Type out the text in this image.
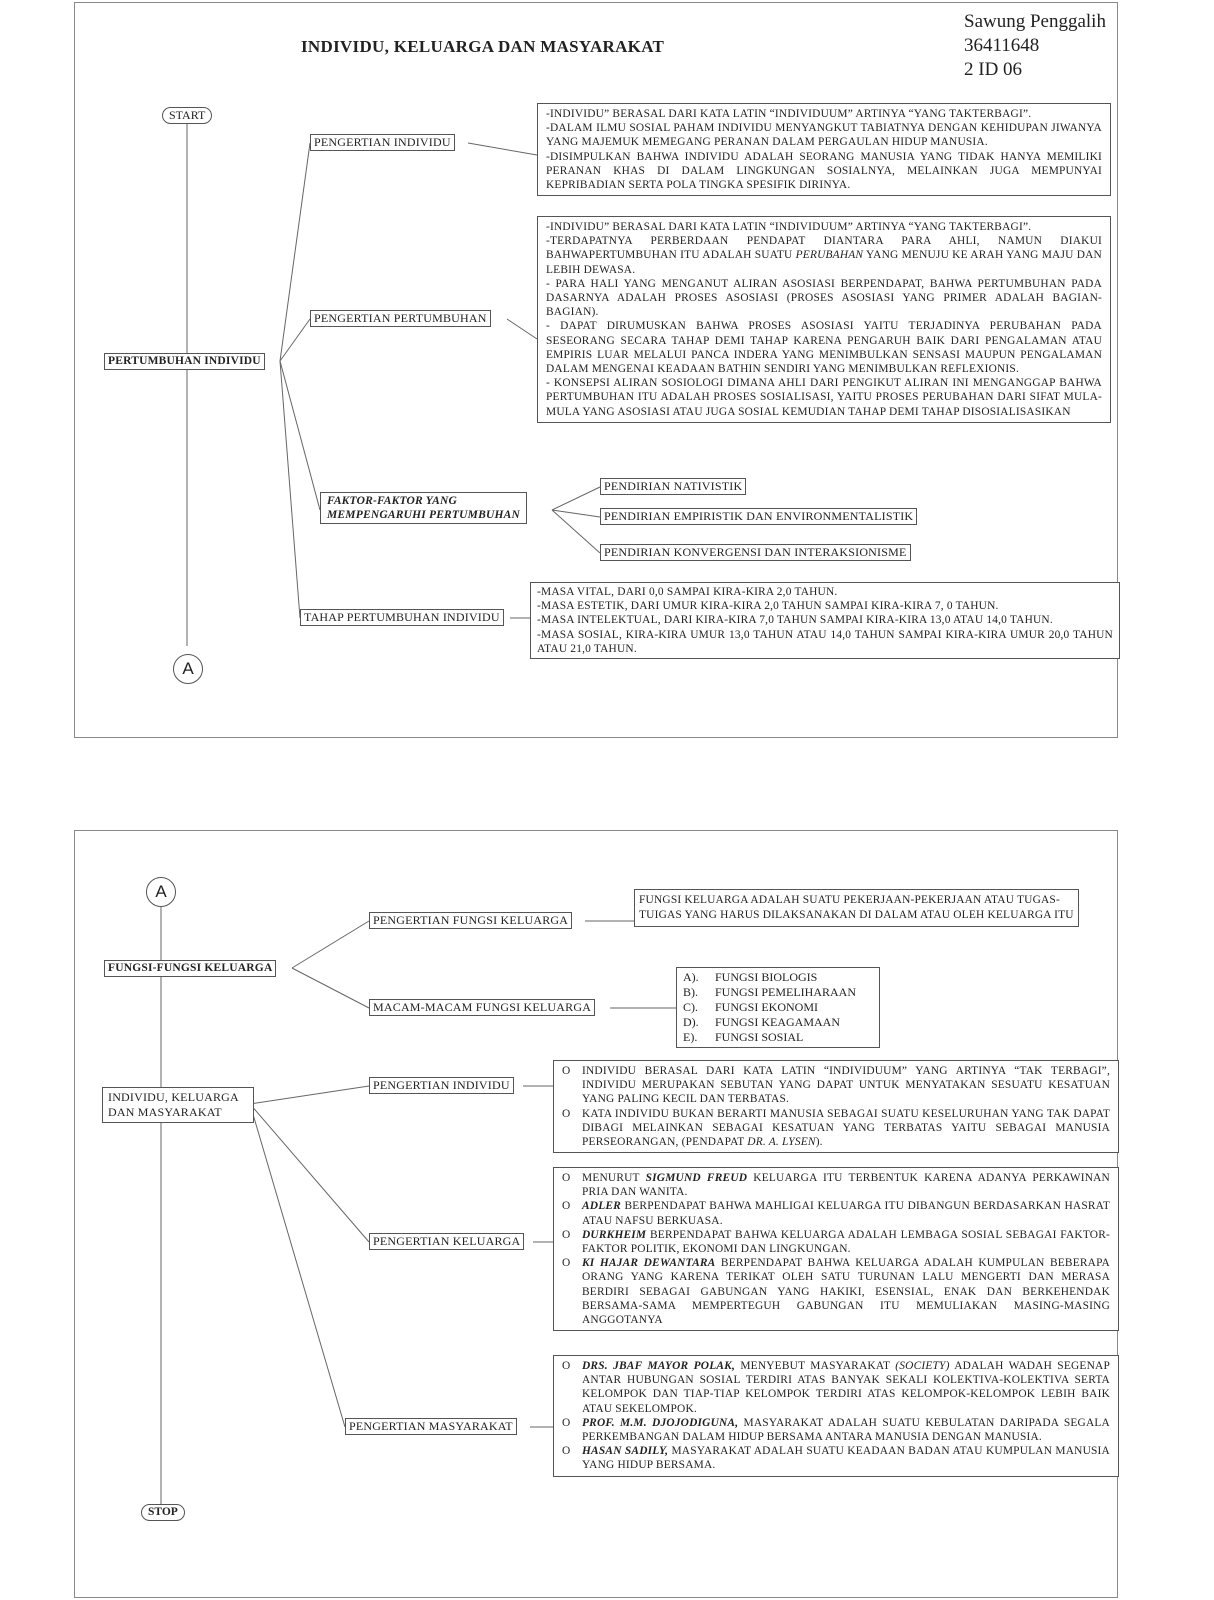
INDIVIDU, KELUARGA DAN MASYARAKAT
Sawung Penggalih
36411648
2 ID 06
START
A
PERTUMBUHAN INDIVIDU
PENGERTIAN INDIVIDU
-INDIVIDU” BERASAL DARI KATA LATIN “INDIVIDUUM” ARTINYA “YANG TAKTERBAGI”.
-DALAM ILMU SOSIAL PAHAM INDIVIDU MENYANGKUT TABIATNYA DENGAN KEHIDUPAN JIWANYA YANG MAJEMUK MEMEGANG PERANAN DALAM PERGAULAN HIDUP MANUSIA.
-DISIMPULKAN BAHWA INDIVIDU ADALAH SEORANG MANUSIA YANG TIDAK HANYA MEMILIKI PERANAN KHAS DI DALAM LINGKUNGAN SOSIALNYA, MELAINKAN JUGA MEMPUNYAI KEPRIBADIAN SERTA POLA TINGKA SPESIFIK DIRINYA.
PENGERTIAN PERTUMBUHAN
-INDIVIDU” BERASAL DARI KATA LATIN “INDIVIDUUM” ARTINYA “YANG TAKTERBAGI”.
-TERDAPATNYA PERBERDAAN PENDAPAT DIANTARA PARA AHLI, NAMUN DIAKUI BAHWAPERTUMBUHAN ITU ADALAH SUATU PERUBAHAN YANG MENUJU KE ARAH YANG MAJU DAN LEBIH DEWASA.
- PARA HALI YANG MENGANUT ALIRAN ASOSIASI BERPENDAPAT, BAHWA PERTUMBUHAN PADA DASARNYA ADALAH PROSES ASOSIASI (PROSES ASOSIASI YANG PRIMER ADALAH BAGIAN-BAGIAN).
- DAPAT DIRUMUSKAN BAHWA PROSES ASOSIASI YAITU TERJADINYA PERUBAHAN PADA SESEORANG SECARA TAHAP DEMI TAHAP KARENA PENGARUH BAIK DARI PENGALAMAN ATAU EMPIRIS LUAR MELALUI PANCA INDERA YANG MENIMBULKAN SENSASI MAUPUN PENGALAMAN DALAM MENGENAI KEADAAN BATHIN SENDIRI YANG MENIMBULKAN REFLEXIONIS.
- KONSEPSI ALIRAN SOSIOLOGI DIMANA AHLI DARI PENGIKUT ALIRAN INI MENGANGGAP BAHWA PERTUMBUHAN ITU ADALAH PROSES SOSIALISASI, YAITU PROSES PERUBAHAN DARI SIFAT MULA-MULA YANG ASOSIASI ATAU JUGA SOSIAL KEMUDIAN TAHAP DEMI TAHAP DISOSIALISASIKAN
FAKTOR-FAKTOR YANG
MEMPENGARUHI PERTUMBUHAN
PENDIRIAN NATIVISTIK
PENDIRIAN EMPIRISTIK DAN ENVIRONMENTALISTIK
PENDIRIAN KONVERGENSI DAN INTERAKSIONISME
TAHAP PERTUMBUHAN INDIVIDU
-MASA VITAL, DARI 0,0 SAMPAI KIRA-KIRA 2,0 TAHUN.
-MASA ESTETIK, DARI UMUR KIRA-KIRA 2,0 TAHUN SAMPAI KIRA-KIRA 7, 0 TAHUN.
-MASA INTELEKTUAL, DARI KIRA-KIRA 7,0 TAHUN SAMPAI KIRA-KIRA 13,0 ATAU 14,0 TAHUN.
-MASA SOSIAL, KIRA-KIRA UMUR 13,0 TAHUN ATAU 14,0 TAHUN SAMPAI KIRA-KIRA UMUR 20,0 TAHUN ATAU 21,0 TAHUN.
A
STOP
FUNGSI-FUNGSI KELUARGA
PENGERTIAN FUNGSI KELUARGA
FUNGSI KELUARGA ADALAH SUATU PEKERJAAN-PEKERJAAN ATAU TUGAS-TUIGAS YANG HARUS DILAKSANAKAN DI DALAM ATAU OLEH KELUARGA ITU
MACAM-MACAM FUNGSI KELUARGA
A). FUNGSI BIOLOGIS
B). FUNGSI PEMELIHARAAN
C). FUNGSI EKONOMI
D). FUNGSI KEAGAMAAN
E). FUNGSI SOSIAL
INDIVIDU, KELUARGA
DAN MASYARAKAT
PENGERTIAN INDIVIDU
O INDIVIDU BERASAL DARI KATA LATIN “INDIVIDUUM” YANG ARTINYA “TAK TERBAGI”, INDIVIDU MERUPAKAN SEBUTAN YANG DAPAT UNTUK MENYATAKAN SESUATU KESATUAN YANG PALING KECIL DAN TERBATAS.
O KATA INDIVIDU BUKAN BERARTI MANUSIA SEBAGAI SUATU KESELURUHAN YANG TAK DAPAT DIBAGI MELAINKAN SEBAGAI KESATUAN YANG TERBATAS YAITU SEBAGAI MANUSIA PERSEORANGAN, (PENDAPAT DR. A. LYSEN).
PENGERTIAN KELUARGA
O MENURUT SIGMUND FREUD KELUARGA ITU TERBENTUK KARENA ADANYA PERKAWINAN PRIA DAN WANITA.
O ADLER BERPENDAPAT BAHWA MAHLIGAI KELUARGA ITU DIBANGUN BERDASARKAN HASRAT ATAU NAFSU BERKUASA.
O DURKHEIM BERPENDAPAT BAHWA KELUARGA ADALAH LEMBAGA SOSIAL SEBAGAI FAKTOR-FAKTOR POLITIK, EKONOMI DAN LINGKUNGAN.
O KI HAJAR DEWANTARA BERPENDAPAT BAHWA KELUARGA ADALAH KUMPULAN BEBERAPA ORANG YANG KARENA TERIKAT OLEH SATU TURUNAN LALU MENGERTI DAN MERASA BERDIRI SEBAGAI GABUNGAN YANG HAKIKI, ESENSIAL, ENAK DAN BERKEHENDAK BERSAMA-SAMA MEMPERTEGUH GABUNGAN ITU MEMULIAKAN MASING-MASING ANGGOTANYA
PENGERTIAN MASYARAKAT
O DRS. JBAF MAYOR POLAK, MENYEBUT MASYARAKAT (SOCIETY) ADALAH WADAH SEGENAP ANTAR HUBUNGAN SOSIAL TERDIRI ATAS BANYAK SEKALI KOLEKTIVA-KOLEKTIVA SERTA KELOMPOK DAN TIAP-TIAP KELOMPOK TERDIRI ATAS KELOMPOK-KELOMPOK LEBIH BAIK ATAU SEKELOMPOK.
O PROF. M.M. DJOJODIGUNA, MASYARAKAT ADALAH SUATU KEBULATAN DARIPADA SEGALA PERKEMBANGAN DALAM HIDUP BERSAMA ANTARA MANUSIA DENGAN MANUSIA.
O HASAN SADILY, MASYARAKAT ADALAH SUATU KEADAAN BADAN ATAU KUMPULAN MANUSIA YANG HIDUP BERSAMA.
